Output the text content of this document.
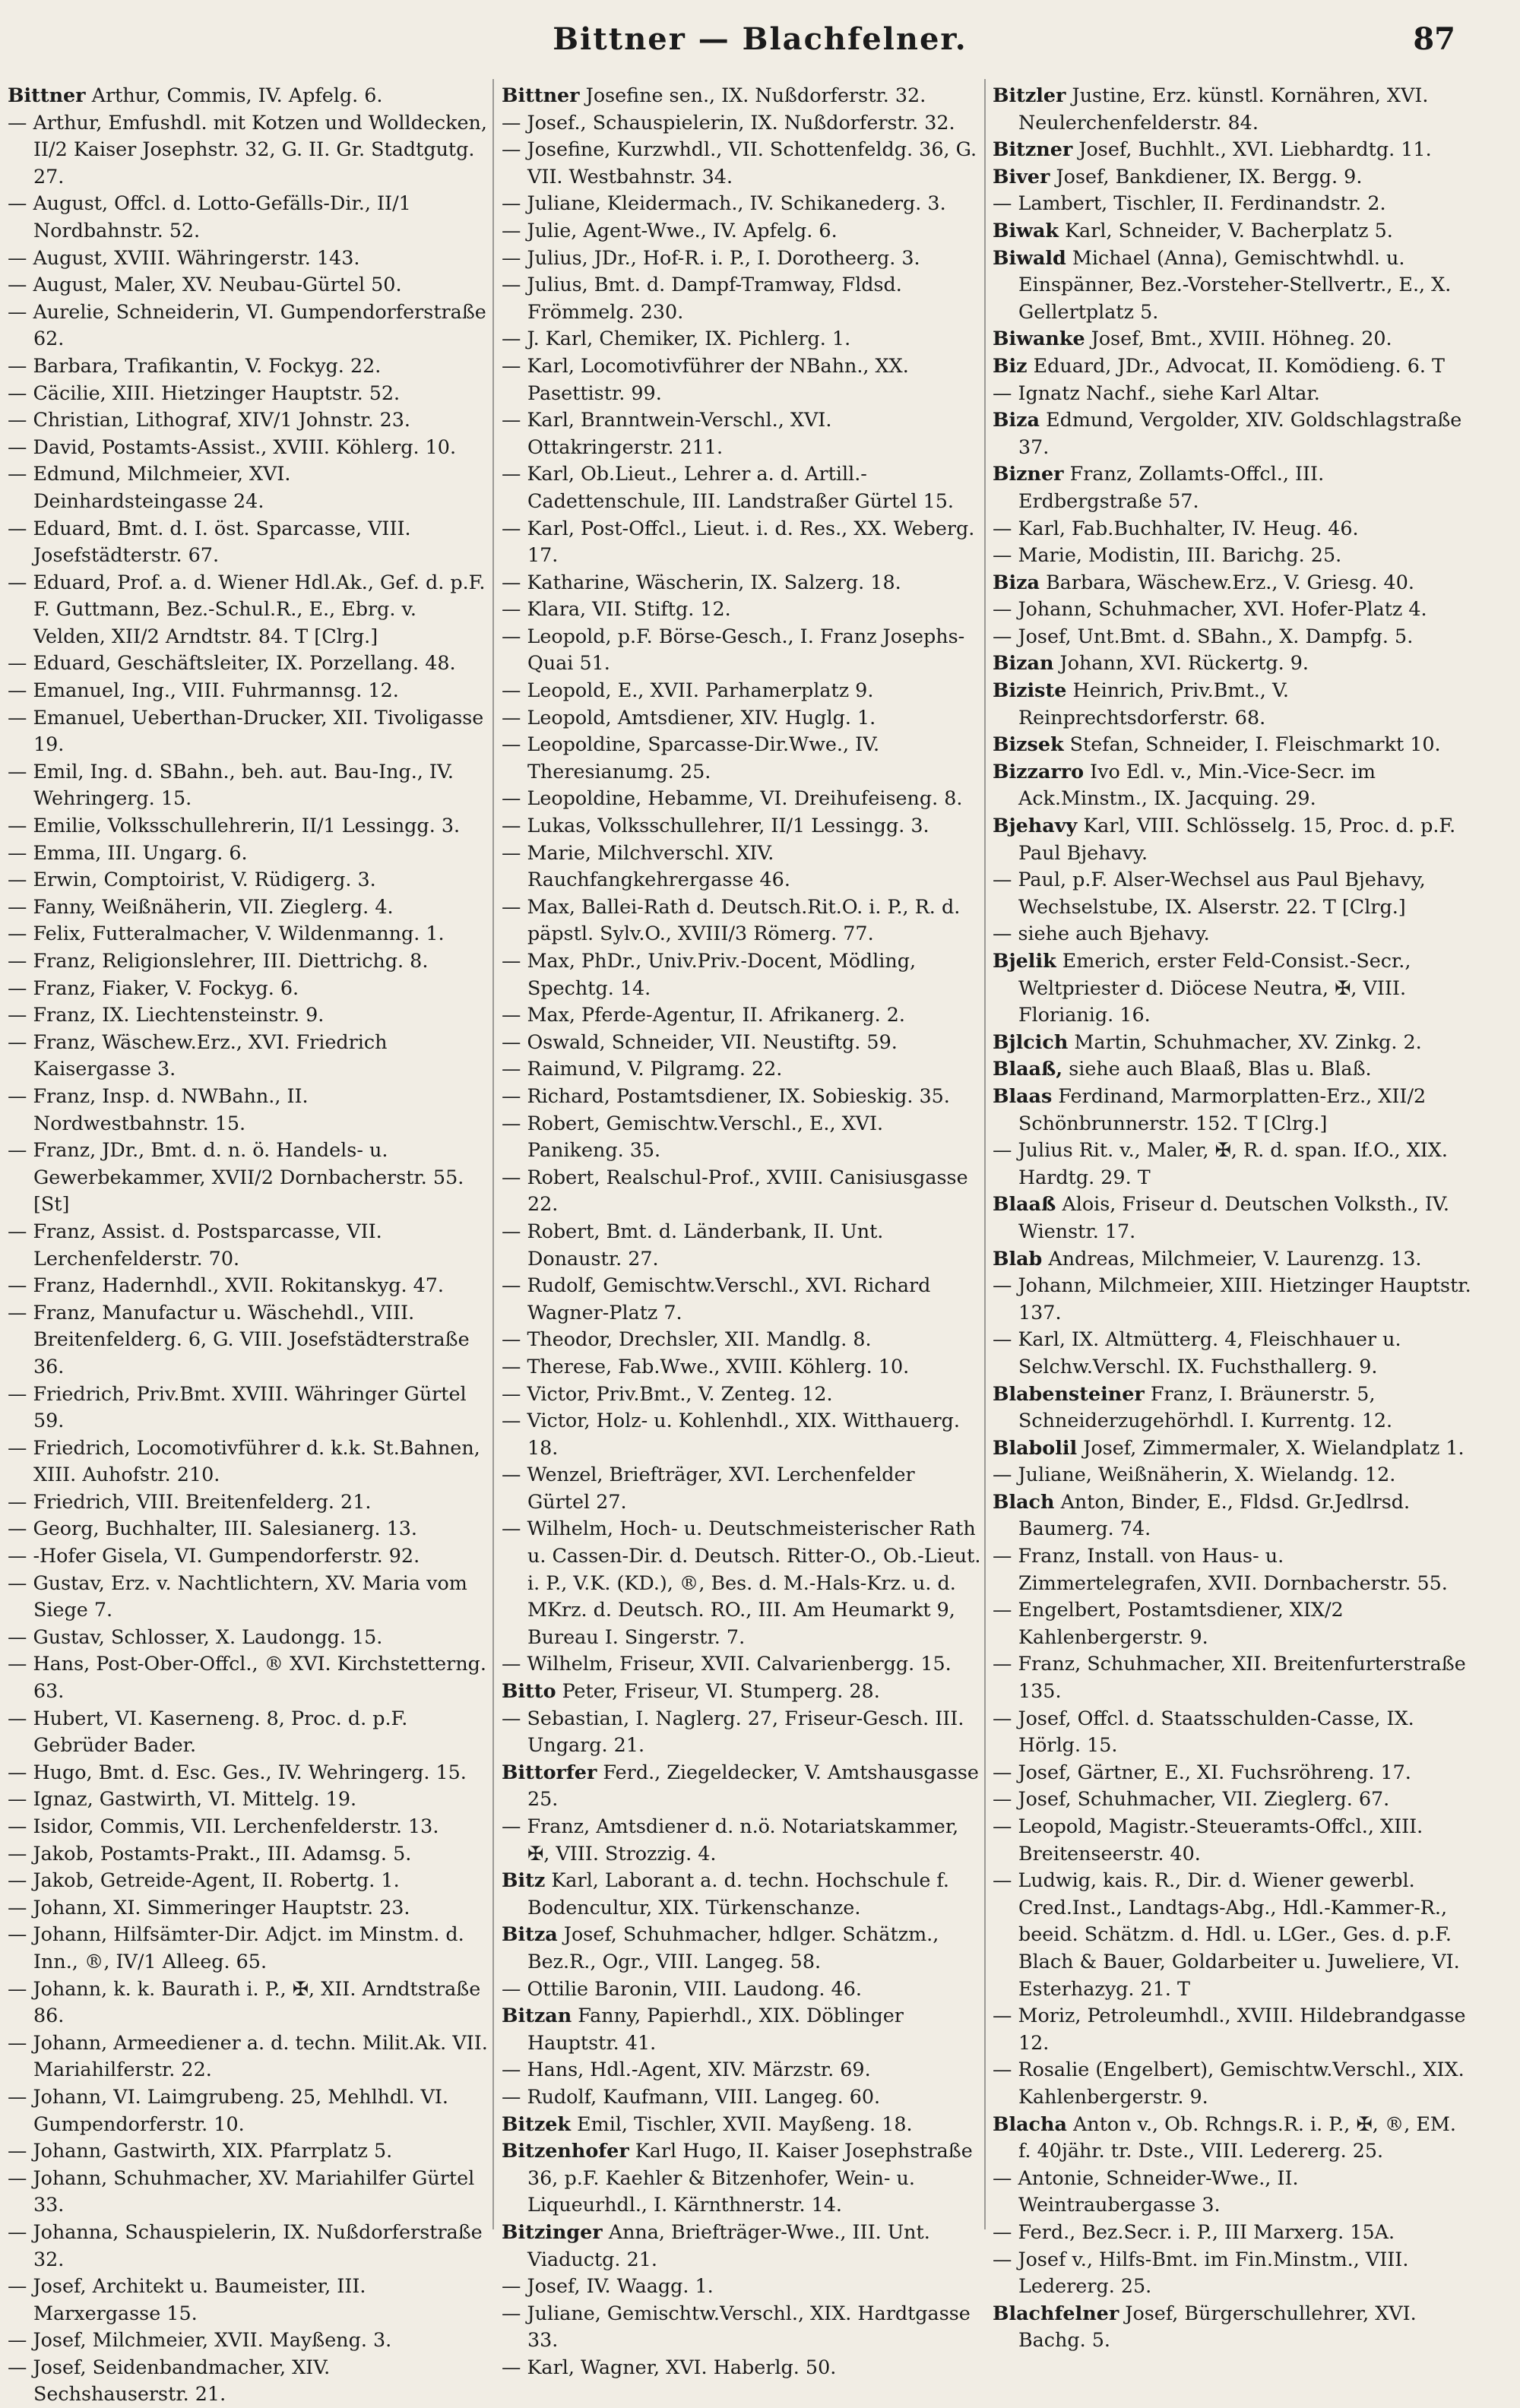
Bittner — Blachfelner.	87

Bittner Arthur, Commis, IV. Apfelg. 6.

— Arthur, Emfushdl. mit Kotzen und Wolldecken, II/2 Kaiser Josephstr. 32, G. II. Gr. Stadtgutg. 27.

— August, Offcl. d. Lotto-Gefälls-Dir., II/1 Nordbahnstr. 52.

— August, XVIII. Währingerstr. 143.

— August, Maler, XV. Neubau-Gürtel 50.

— Aurelie, Schneiderin, VI. Gumpendorferstraße 62.

— Barbara, Trafikantin, V. Fockyg. 22.

— Cäcilie, XIII. Hietzinger Hauptstr. 52.

— Christian, Lithograf, XIV/1 Johnstr. 23.

— David, Postamts-Assist., XVIII. Köhlerg. 10.

— Edmund, Milchmeier, XVI. Deinhardsteingasse 24.

— Eduard, Bmt. d. I. öst. Sparcasse, VIII. Josefstädterstr. 67.

— Eduard, Prof. a. d. Wiener Hdl.Ak., Gef. d. p.F. F. Guttmann, Bez.-Schul.R., E., Ebrg. v. Velden, XII/2 Arndtstr. 84. T [Clrg.]

— Eduard, Geschäftsleiter, IX. Porzellang. 48.

— Emanuel, Ing., VIII. Fuhrmannsg. 12.

— Emanuel, Ueberthan-Drucker, XII. Tivoligasse 19.

— Emil, Ing. d. SBahn., beh. aut. Bau-Ing., IV. Wehringerg. 15.

— Emilie, Volksschullehrerin, II/1 Lessingg. 3.

— Emma, III. Ungarg. 6.

— Erwin, Comptoirist, V. Rüdigerg. 3.

— Fanny, Weißnäherin, VII. Zieglerg. 4.

— Felix, Futteralmacher, V. Wildenmanng. 1.

— Franz, Religionslehrer, III. Diettrichg. 8.

— Franz, Fiaker, V. Fockyg. 6.

— Franz, IX. Liechtensteinstr. 9.

— Franz, Wäschew.Erz., XVI. Friedrich Kaisergasse 3.

— Franz, Insp. d. NWBahn., II. Nordwestbahnstr. 15.

— Franz, JDr., Bmt. d. n. ö. Handels- u. Gewerbekammer, XVII/2 Dornbacherstr. 55. [St]

— Franz, Assist. d. Postsparcasse, VII. Lerchenfelderstr. 70.

— Franz, Hadernhdl., XVII. Rokitanskyg. 47.

— Franz, Manufactur u. Wäschehdl., VIII. Breitenfelderg. 6, G. VIII. Josefstädterstraße 36.

— Friedrich, Priv.Bmt. XVIII. Währinger Gürtel 59.

— Friedrich, Locomotivführer d. k.k. St.Bahnen, XIII. Auhofstr. 210.

— Friedrich, VIII. Breitenfelderg. 21.

— Georg, Buchhalter, III. Salesianerg. 13.

— -Hofer Gisela, VI. Gumpendorferstr. 92.

— Gustav, Erz. v. Nachtlichtern, XV. Maria vom Siege 7.

— Gustav, Schlosser, X. Laudongg. 15.

— Hans, Post-Ober-Offcl., ® XVI. Kirchstetterng. 63.

— Hubert, VI. Kaserneng. 8, Proc. d. p.F. Gebrüder Bader.

— Hugo, Bmt. d. Esc. Ges., IV. Wehringerg. 15.

— Ignaz, Gastwirth, VI. Mittelg. 19.

— Isidor, Commis, VII. Lerchenfelderstr. 13.

— Jakob, Postamts-Prakt., III. Adamsg. 5.

— Jakob, Getreide-Agent, II. Robertg. 1.

— Johann, XI. Simmeringer Hauptstr. 23.

— Johann, Hilfsämter-Dir. Adjct. im Minstm. d. Inn., ®, IV/1 Alleeg. 65.

— Johann, k. k. Baurath i. P., ✠, XII. Arndtstraße 86.

— Johann, Armeediener a. d. techn. Milit.Ak. VII. Mariahilferstr. 22.

— Johann, VI. Laimgrubeng. 25, Mehlhdl. VI. Gumpendorferstr. 10.

— Johann, Gastwirth, XIX. Pfarrplatz 5.

— Johann, Schuhmacher, XV. Mariahilfer Gürtel 33.

— Johanna, Schauspielerin, IX. Nußdorferstraße 32.

— Josef, Architekt u. Baumeister, III. Marxergasse 15.

— Josef, Milchmeier, XVII. Mayßeng. 3.

— Josef, Seidenbandmacher, XIV. Sechshauserstr. 21.

Bittner Josefine sen., IX. Nußdorferstr. 32.

— Josef., Schauspielerin, IX. Nußdorferstr. 32.

— Josefine, Kurzwhdl., VII. Schottenfeldg. 36, G. VII. Westbahnstr. 34.

— Juliane, Kleidermach., IV. Schikanederg. 3.

— Julie, Agent-Wwe., IV. Apfelg. 6.

— Julius, JDr., Hof-R. i. P., I. Dorotheerg. 3.

— Julius, Bmt. d. Dampf-Tramway, Fldsd. Frömmelg. 230.

— J. Karl, Chemiker, IX. Pichlerg. 1.

— Karl, Locomotivführer der NBahn., XX. Pasettistr. 99.

— Karl, Branntwein-Verschl., XVI. Ottakringerstr. 211.

— Karl, Ob.Lieut., Lehrer a. d. Artill.-Cadettenschule, III. Landstraßer Gürtel 15.

— Karl, Post-Offcl., Lieut. i. d. Res., XX. Weberg. 17.

— Katharine, Wäscherin, IX. Salzerg. 18.

— Klara, VII. Stiftg. 12.

— Leopold, p.F. Börse-Gesch., I. Franz Josephs-Quai 51.

— Leopold, E., XVII. Parhamerplatz 9.

— Leopold, Amtsdiener, XIV. Huglg. 1.

— Leopoldine, Sparcasse-Dir.Wwe., IV. Theresianumg. 25.

— Leopoldine, Hebamme, VI. Dreihufeiseng. 8.

— Lukas, Volksschullehrer, II/1 Lessingg. 3.

— Marie, Milchverschl. XIV. Rauchfangkehrergasse 46.

— Max, Ballei-Rath d. Deutsch.Rit.O. i. P., R. d. päpstl. Sylv.O., XVIII/3 Römerg. 77.

— Max, PhDr., Univ.Priv.-Docent, Mödling, Spechtg. 14.

— Max, Pferde-Agentur, II. Afrikanerg. 2.

— Oswald, Schneider, VII. Neustiftg. 59.

— Raimund, V. Pilgramg. 22.

— Richard, Postamtsdiener, IX. Sobieskig. 35.

— Robert, Gemischtw.Verschl., E., XVI. Panikeng. 35.

— Robert, Realschul-Prof., XVIII. Canisiusgasse 22.

— Robert, Bmt. d. Länderbank, II. Unt. Donaustr. 27.

— Rudolf, Gemischtw.Verschl., XVI. Richard Wagner-Platz 7.

— Theodor, Drechsler, XII. Mandlg. 8.

— Therese, Fab.Wwe., XVIII. Köhlerg. 10.

— Victor, Priv.Bmt., V. Zenteg. 12.

— Victor, Holz- u. Kohlenhdl., XIX. Witthauerg. 18.

— Wenzel, Briefträger, XVI. Lerchenfelder Gürtel 27.

— Wilhelm, Hoch- u. Deutschmeisterischer Rath u. Cassen-Dir. d. Deutsch. Ritter-O., Ob.-Lieut. i. P., V.K. (KD.), ®, Bes. d. M.-Hals-Krz. u. d. MKrz. d. Deutsch. RO., III. Am Heumarkt 9, Bureau I. Singerstr. 7.

— Wilhelm, Friseur, XVII. Calvarienbergg. 15.

Bitto Peter, Friseur, VI. Stumperg. 28.

— Sebastian, I. Naglerg. 27, Friseur-Gesch. III. Ungarg. 21.

Bittorfer Ferd., Ziegeldecker, V. Amtshausgasse 25.

— Franz, Amtsdiener d. n.ö. Notariatskammer, ✠, VIII. Strozzig. 4.

Bitz Karl, Laborant a. d. techn. Hochschule f. Bodencultur, XIX. Türkenschanze.

Bitza Josef, Schuhmacher, hdlger. Schätzm., Bez.R., Ogr., VIII. Langeg. 58.

— Ottilie Baronin, VIII. Laudong. 46.

Bitzan Fanny, Papierhdl., XIX. Döblinger Hauptstr. 41.

— Hans, Hdl.-Agent, XIV. Märzstr. 69.

— Rudolf, Kaufmann, VIII. Langeg. 60.

Bitzek Emil, Tischler, XVII. Mayßeng. 18.

Bitzenhofer Karl Hugo, II. Kaiser Josephstraße 36, p.F. Kaehler & Bitzenhofer, Wein- u. Liqueurhdl., I. Kärnthnerstr. 14.

Bitzinger Anna, Briefträger-Wwe., III. Unt. Viaductg. 21.

— Josef, IV. Waagg. 1.

— Juliane, Gemischtw.Verschl., XIX. Hardtgasse 33.

— Karl, Wagner, XVI. Haberlg. 50.

Bitzler Justine, Erz. künstl. Kornähren, XVI. Neulerchenfelderstr. 84.

Bitzner Josef, Buchhlt., XVI. Liebhardtg. 11.

Biver Josef, Bankdiener, IX. Bergg. 9.

— Lambert, Tischler, II. Ferdinandstr. 2.

Biwak Karl, Schneider, V. Bacherplatz 5.

Biwald Michael (Anna), Gemischtwhdl. u. Einspänner, Bez.-Vorsteher-Stellvertr., E., X. Gellertplatz 5.

Biwanke Josef, Bmt., XVIII. Höhneg. 20.

Biz Eduard, JDr., Advocat, II. Komödieng. 6. T

— Ignatz Nachf., siehe Karl Altar.

Biza Edmund, Vergolder, XIV. Goldschlagstraße 37.

Bizner Franz, Zollamts-Offcl., III. Erdbergstraße 57.

— Karl, Fab.Buchhalter, IV. Heug. 46.

— Marie, Modistin, III. Barichg. 25.

Biza Barbara, Wäschew.Erz., V. Griesg. 40.

— Johann, Schuhmacher, XVI. Hofer-Platz 4.

— Josef, Unt.Bmt. d. SBahn., X. Dampfg. 5.

Bizan Johann, XVI. Rückertg. 9.

Biziste Heinrich, Priv.Bmt., V. Reinprechtsdorferstr. 68.

Bizsek Stefan, Schneider, I. Fleischmarkt 10.

Bizzarro Ivo Edl. v., Min.-Vice-Secr. im Ack.Minstm., IX. Jacquing. 29.

Bjehavy Karl, VIII. Schlösselg. 15, Proc. d. p.F. Paul Bjehavy.

— Paul, p.F. Alser-Wechsel aus Paul Bjehavy, Wechselstube, IX. Alserstr. 22. T [Clrg.]

— siehe auch Bjehavy.

Bjelik Emerich, erster Feld-Consist.-Secr., Weltpriester d. Diöcese Neutra, ✠, VIII. Florianig. 16.

Bjlcich Martin, Schuhmacher, XV. Zinkg. 2.

Blaaß, siehe auch Blaaß, Blas u. Blaß.

Blaas Ferdinand, Marmorplatten-Erz., XII/2 Schönbrunnerstr. 152. T [Clrg.]

— Julius Rit. v., Maler, ✠, R. d. span. If.O., XIX. Hardtg. 29. T

Blaaß Alois, Friseur d. Deutschen Volksth., IV. Wienstr. 17.

Blab Andreas, Milchmeier, V. Laurenzg. 13.

— Johann, Milchmeier, XIII. Hietzinger Hauptstr. 137.

— Karl, IX. Altmütterg. 4, Fleischhauer u. Selchw.Verschl. IX. Fuchsthallerg. 9.

Blabensteiner Franz, I. Bräunerstr. 5, Schneiderzugehörhdl. I. Kurrentg. 12.

Blabolil Josef, Zimmermaler, X. Wielandplatz 1.

— Juliane, Weißnäherin, X. Wielandg. 12.

Blach Anton, Binder, E., Fldsd. Gr.Jedlrsd. Baumerg. 74.

— Franz, Install. von Haus- u. Zimmertelegrafen, XVII. Dornbacherstr. 55.

— Engelbert, Postamtsdiener, XIX/2 Kahlenbergerstr. 9.

— Franz, Schuhmacher, XII. Breitenfurterstraße 135.

— Josef, Offcl. d. Staatsschulden-Casse, IX. Hörlg. 15.

— Josef, Gärtner, E., XI. Fuchsröhreng. 17.

— Josef, Schuhmacher, VII. Zieglerg. 67.

— Leopold, Magistr.-Steueramts-Offcl., XIII. Breitenseerstr. 40.

— Ludwig, kais. R., Dir. d. Wiener gewerbl. Cred.Inst., Landtags-Abg., Hdl.-Kammer-R., beeid. Schätzm. d. Hdl. u. LGer., Ges. d. p.F. Blach & Bauer, Goldarbeiter u. Juweliere, VI. Esterhazyg. 21. T

— Moriz, Petroleumhdl., XVIII. Hildebrandgasse 12.

— Rosalie (Engelbert), Gemischtw.Verschl., XIX. Kahlenbergerstr. 9.

Blacha Anton v., Ob. Rchngs.R. i. P., ✠, ®, EM. f. 40jähr. tr. Dste., VIII. Ledererg. 25.

— Antonie, Schneider-Wwe., II. Weintraubergasse 3.

— Ferd., Bez.Secr. i. P., III Marxerg. 15A.

— Josef v., Hilfs-Bmt. im Fin.Minstm., VIII. Ledererg. 25.

Blachfelner Josef, Bürgerschullehrer, XVI. Bachg. 5.
